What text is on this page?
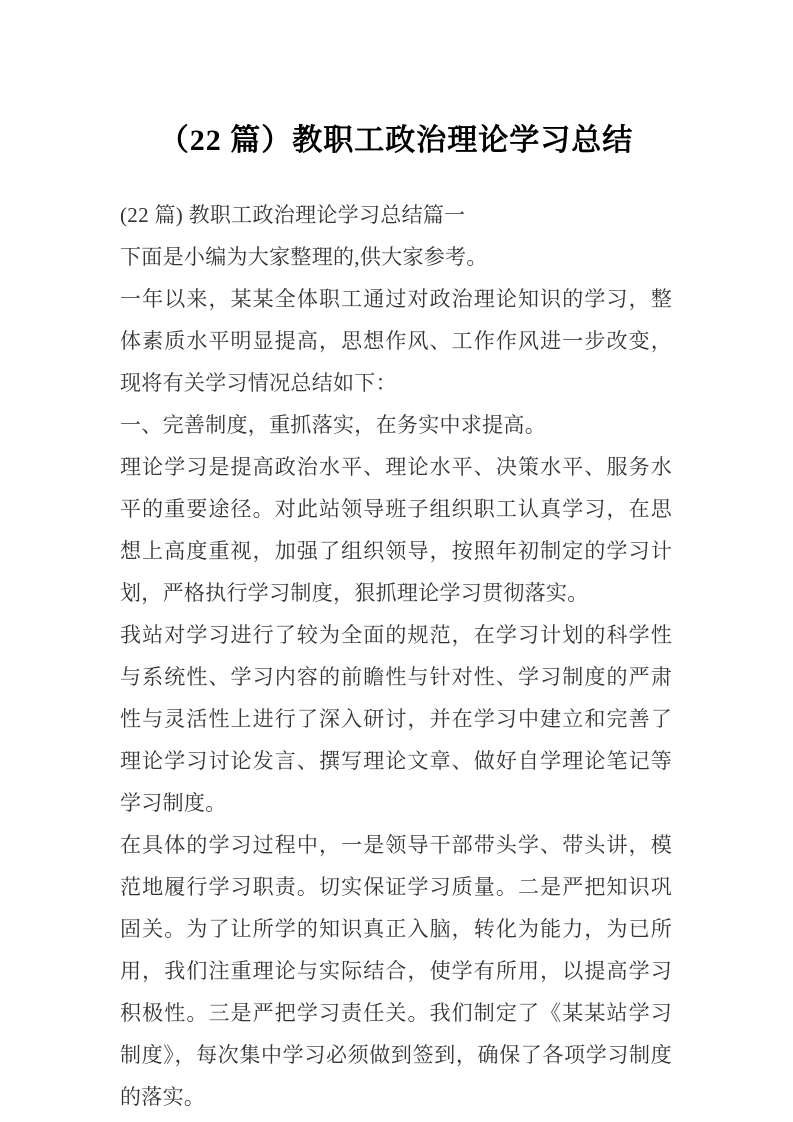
（22 篇）教职工政治理论学习总结

(22 篇) 教职工政治理论学习总结篇一

下面是小编为大家整理的,供大家参考。

一年以来，某某全体职工通过对政治理论知识的学习，整体素质水平明显提高，思想作风、工作作风进一步改变，现将有关学习情况总结如下：

一、完善制度，重抓落实，在务实中求提高。

理论学习是提高政治水平、理论水平、决策水平、服务水平的重要途径。对此站领导班子组织职工认真学习，在思想上高度重视，加强了组织领导，按照年初制定的学习计划，严格执行学习制度，狠抓理论学习贯彻落实。

我站对学习进行了较为全面的规范，在学习计划的科学性与系统性、学习内容的前瞻性与针对性、学习制度的严肃性与灵活性上进行了深入研讨，并在学习中建立和完善了理论学习讨论发言、撰写理论文章、做好自学理论笔记等学习制度。

在具体的学习过程中，一是领导干部带头学、带头讲，模范地履行学习职责。切实保证学习质量。二是严把知识巩固关。为了让所学的知识真正入脑，转化为能力，为已所用，我们注重理论与实际结合，使学有所用，以提高学习积极性。三是严把学习责任关。我们制定了《某某站学习制度》，每次集中学习必须做到签到，确保了各项学习制度的落实。
